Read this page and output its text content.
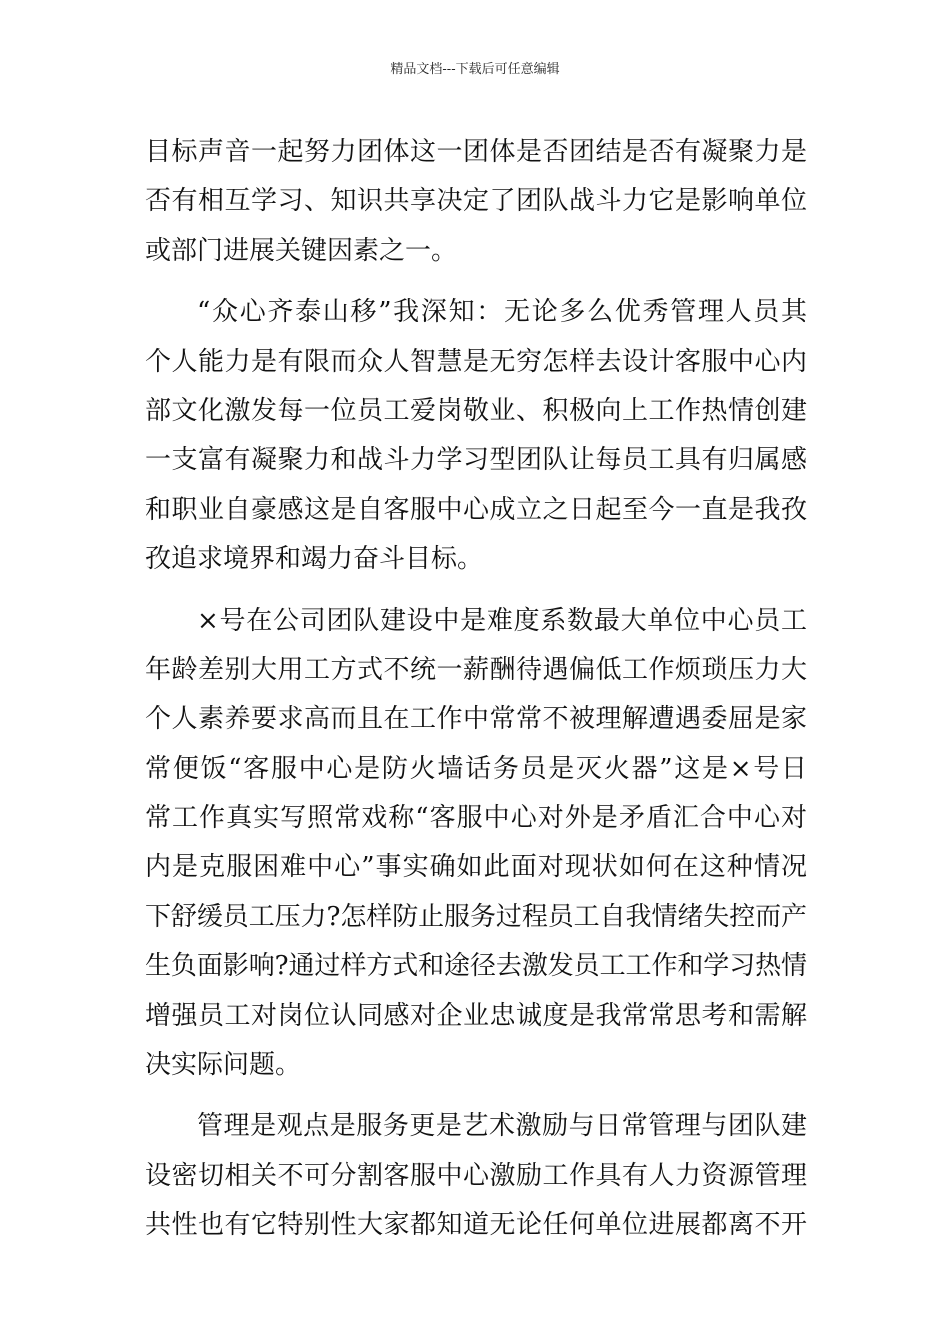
精品文档---下载后可任意编辑
目标声音一起努力团体这一团体是否团结是否有凝聚力是
否有相互学习、知识共享决定了团队战斗力它是影响单位
或部门进展关键因素之一。
“众心齐泰山移”我深知：无论多么优秀管理人员其
个人能力是有限而众人智慧是无穷怎样去设计客服中心内
部文化激发每一位员工爱岗敬业、积极向上工作热情创建
一支富有凝聚力和战斗力学习型团队让每员工具有归属感
和职业自豪感这是自客服中心成立之日起至今一直是我孜
孜追求境界和竭力奋斗目标。
×号在公司团队建设中是难度系数最大单位中心员工
年龄差别大用工方式不统一薪酬待遇偏低工作烦琐压力大
个人素养要求高而且在工作中常常不被理解遭遇委屈是家
常便饭“客服中心是防火墙话务员是灭火器”这是×号日
常工作真实写照常戏称“客服中心对外是矛盾汇合中心对
内是克服困难中心”事实确如此面对现状如何在这种情况
下舒缓员工压力?怎样防止服务过程员工自我情绪失控而产
生负面影响?通过样方式和途径去激发员工工作和学习热情
增强员工对岗位认同感对企业忠诚度是我常常思考和需解
决实际问题。
管理是观点是服务更是艺术激励与日常管理与团队建
设密切相关不可分割客服中心激励工作具有人力资源管理
共性也有它特别性大家都知道无论任何单位进展都离不开
